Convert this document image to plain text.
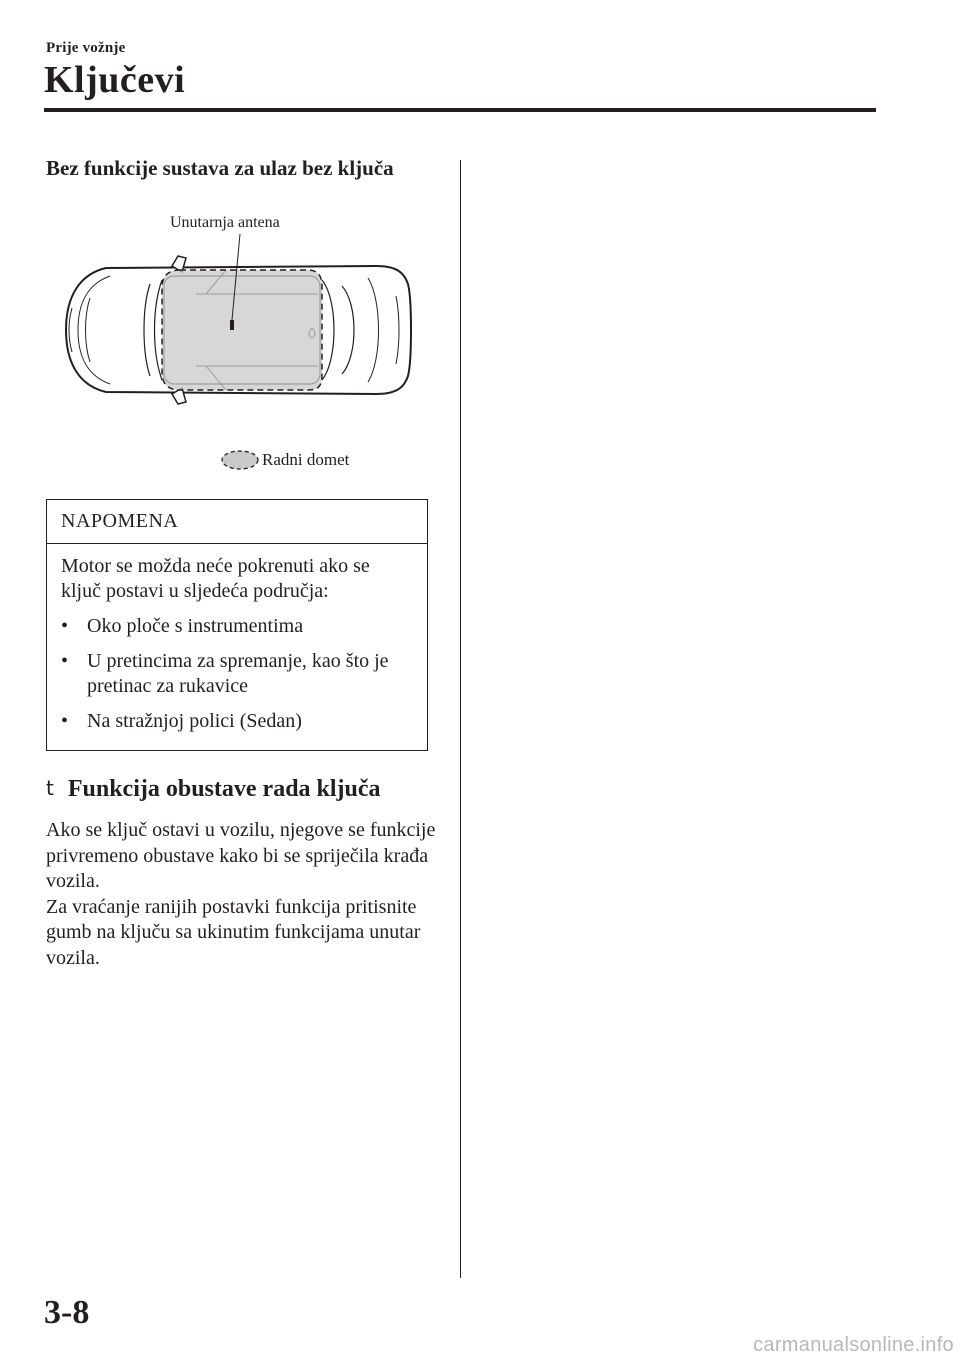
Prije vožnje
Ključevi
Bez funkcije sustava za ulaz bez ključa
Unutarnja antena
Radni domet
NAPOMENA

Motor se možda neće pokrenuti ako se ključ postavi u sljedeća područja:

• Oko ploče s instrumentima
• U pretincima za spremanje, kao što je pretinac za rukavice
• Na stražnjoj polici (Sedan)
t Funkcija obustave rada ključa

Ako se ključ ostavi u vozilu, njegove se funkcije privremeno obustave kako bi se spriječila krađa vozila.

Za vraćanje ranijih postavki funkcija pritisnite gumb na ključu sa ukinutim funkcijama unutar vozila.

3-8
carmanualsonline.info
